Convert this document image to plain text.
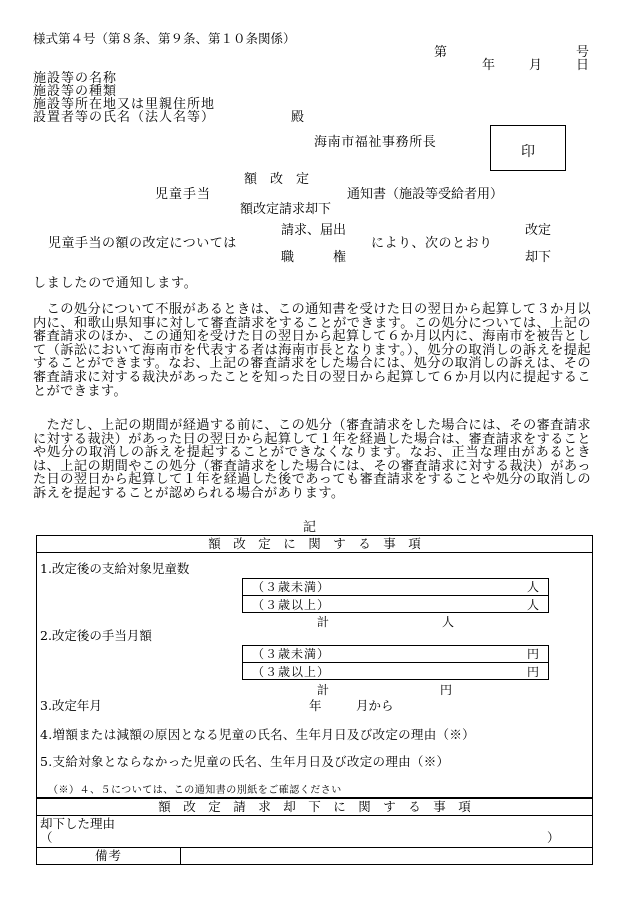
様式第４号（第８条、第９条、第１０条関係）
第	号
年	月	日
施設等の名称
施設等の種類
施設等所在地又は里親住所地
設置者等の氏名（法人名等）	殿
海南市福祉事務所長
印
額　改　定
児童手当	通知書（施設等受給者用）
額改定請求却下
児童手当の額の改定については
請求、届出
職　　　権
により、次のとおり
改定
却下
しましたので通知します。
　この処分について不服があるときは、この通知書を受けた日の翌日から起算して３か月以内に、和歌山県知事に対して審査請求をすることができます。この処分については、上記の審査請求のほか、この通知を受けた日の翌日から起算して６か月以内に、海南市を被告として（訴訟において海南市を代表する者は海南市長となります。）、処分の取消しの訴えを提起することができます。なお、上記の審査請求をした場合には、処分の取消しの訴えは、その審査請求に対する裁決があったことを知った日の翌日から起算して６か月以内に提起することができます。
　ただし、上記の期間が経過する前に、この処分（審査請求をした場合には、その審査請求に対する裁決）があった日の翌日から起算して１年を経過した場合は、審査請求をすることや処分の取消しの訴えを提起することができなくなります。なお、正当な理由があるときは、上記の期間やこの処分（審査請求をした場合には、その審査請求に対する裁決）があった日の翌日から起算して１年を経過した後であっても審査請求をすることや処分の取消しの訴えを提起することが認められる場合があります。
記
額　改　定　に　関　す　る　事　項
1.改定後の支給対象児童数
（３歳未満）	人
（３歳以上）	人
計	人
2.改定後の手当月額
（３歳未満）	円
（３歳以上）	円
計	円
3.改定年月	年	月から
4.増額または減額の原因となる児童の氏名、生年月日及び改定の理由（※）
5.支給対象とならなかった児童の氏名、生年月日及び改定の理由（※）
（※）４、５については、この通知書の別紙をご確認ください
額　改　定　請　求　却　下　に　関　す　る　事　項
却下した理由
（	）
備考
